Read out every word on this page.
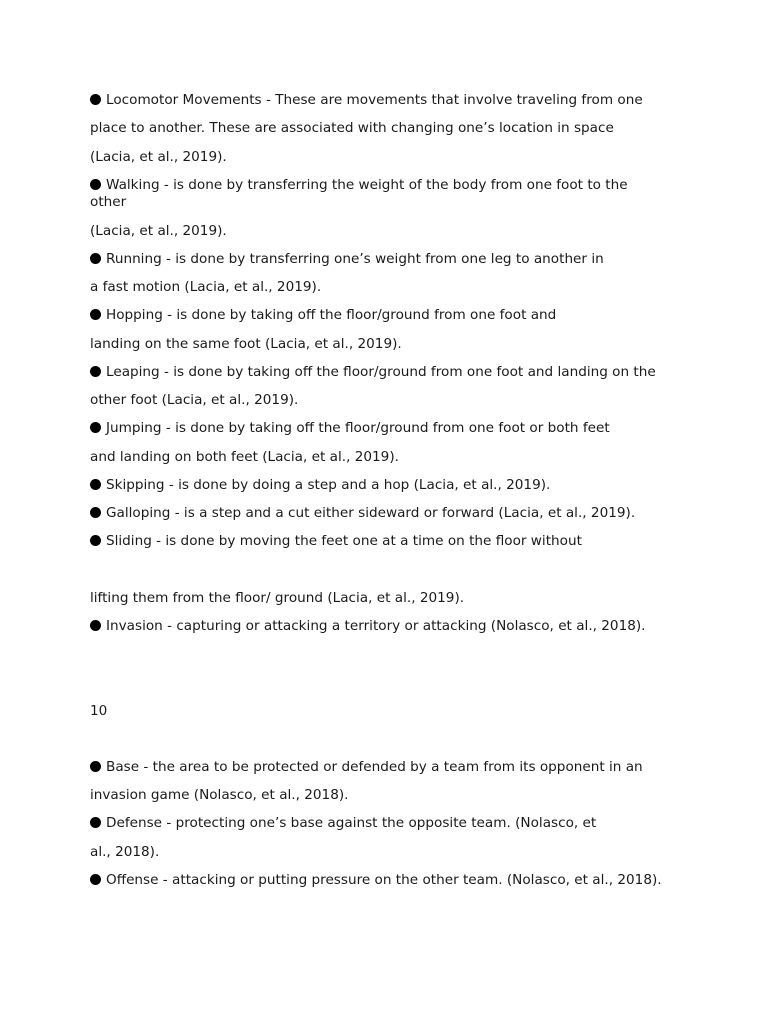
Locomotor Movements - These are movements that involve traveling from one
place to another. These are associated with changing one’s location in space
(Lacia, et al., 2019).
Walking - is done by transferring the weight of the body from one foot to the
other
(Lacia, et al., 2019).
Running - is done by transferring one’s weight from one leg to another in
a fast motion (Lacia, et al., 2019).
Hopping - is done by taking off the floor/ground from one foot and
landing on the same foot (Lacia, et al., 2019).
Leaping - is done by taking off the floor/ground from one foot and landing on the
other foot (Lacia, et al., 2019).
Jumping - is done by taking off the floor/ground from one foot or both feet
and landing on both feet (Lacia, et al., 2019).
Skipping - is done by doing a step and a hop (Lacia, et al., 2019).
Galloping - is a step and a cut either sideward or forward (Lacia, et al., 2019).
Sliding - is done by moving the feet one at a time on the floor without
lifting them from the floor/ ground (Lacia, et al., 2019).
Invasion - capturing or attacking a territory or attacking (Nolasco, et al., 2018).
10
Base - the area to be protected or defended by a team from its opponent in an
invasion game (Nolasco, et al., 2018).
Defense - protecting one’s base against the opposite team. (Nolasco, et
al., 2018).
Offense - attacking or putting pressure on the other team. (Nolasco, et al., 2018).
